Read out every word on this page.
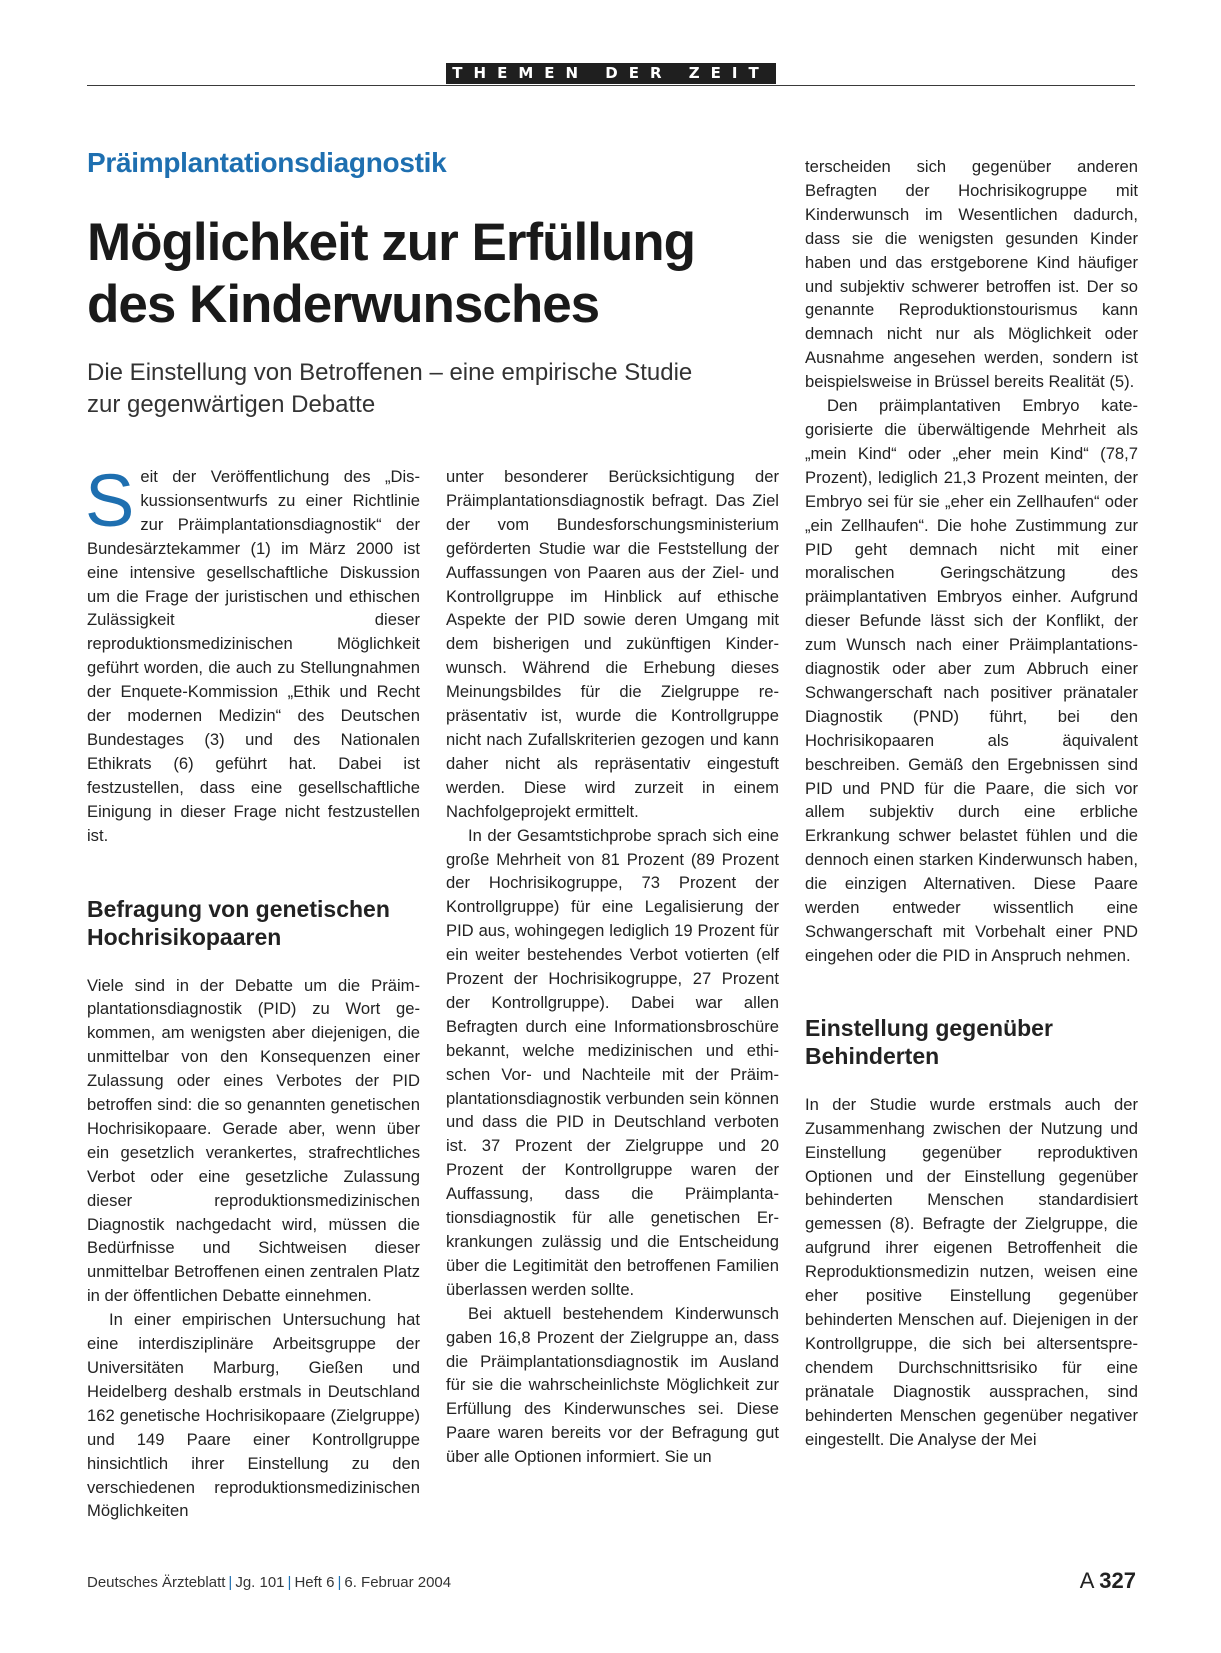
THEMEN DER ZEIT
Präimplantationsdiagnostik
Möglichkeit zur Erfüllung
des Kinderwunsches
Die Einstellung von Betroffenen – eine empirische Studie
zur gegenwärtigen Debatte

Seit der Veröffentlichung des „Diskussionsentwurfs zu einer Richtlinie zur Präimplantationsdiagnostik“ der Bundesärztekammer (1) im März 2000 ist eine intensive gesellschaftliche Diskussion um die Frage der juristischen und ethischen Zulässigkeit dieser reproduktionsmedizinischen Möglichkeit geführt worden, die auch zu Stellungnahmen der Enquete-Kommission „Ethik und Recht der modernen Medizin“ des Deutschen Bundestages (3) und des Nationalen Ethikrats (6) geführt hat. Dabei ist festzustellen, dass eine gesellschaftliche Einigung in dieser Frage nicht festzustellen ist.

Befragung von genetischen
Hochrisikopaaren

Viele sind in der Debatte um die Präimplantationsdiagnostik (PID) zu Wort gekommen, am wenigsten aber diejenigen, die unmittelbar von den Konsequenzen einer Zulassung oder eines Verbotes der PID betroffen sind: die so genannten genetischen Hochrisikopaare. Gerade aber, wenn über ein gesetzlich verankertes, strafrechtliches Verbot oder eine gesetzliche Zulassung dieser reproduktionsmedizinischen Diagnostik nachgedacht wird, müssen die Bedürfnisse und Sichtweisen dieser unmittelbar Betroffenen einen zentralen Platz in der öffentlichen Debatte einnehmen.

In einer empirischen Untersuchung hat eine interdisziplinäre Arbeitsgruppe der Universitäten Marburg, Gießen und Heidelberg deshalb erstmals in Deutschland 162 genetische Hochrisikopaare (Zielgruppe) und 149 Paare einer Kontrollgruppe hinsichtlich ihrer Einstellung zu den verschiedenen reproduktionsmedizinischen Möglichkeiten

unter besonderer Berücksichtigung der Präimplantationsdiagnostik befragt. Das Ziel der vom Bundesforschungsministerium geförderten Studie war die Feststellung der Auffassungen von Paaren aus der Ziel- und Kontrollgruppe im Hinblick auf ethische Aspekte der PID sowie deren Umgang mit dem bisherigen und zukünftigen Kinderwunsch. Während die Erhebung dieses Meinungsbildes für die Zielgruppe repräsentativ ist, wurde die Kontrollgruppe nicht nach Zufallskriterien gezogen und kann daher nicht als repräsentativ eingestuft werden. Diese wird zurzeit in einem Nachfolgeprojekt ermittelt.

In der Gesamtstichprobe sprach sich eine große Mehrheit von 81 Prozent (89 Prozent der Hochrisikogruppe, 73 Prozent der Kontrollgruppe) für eine Legalisierung der PID aus, wohingegen lediglich 19 Prozent für ein weiter bestehendes Verbot votierten (elf Prozent der Hochrisikogruppe, 27 Prozent der Kontrollgruppe). Dabei war allen Befragten durch eine Informationsbroschüre bekannt, welche medizinischen und ethischen Vor- und Nachteile mit der Präimplantationsdiagnostik verbunden sein können und dass die PID in Deutschland verboten ist. 37 Prozent der Zielgruppe und 20 Prozent der Kontrollgruppe waren der Auffassung, dass die Präimplantationsdiagnostik für alle genetischen Erkrankungen zulässig und die Entscheidung über die Legitimität den betroffenen Familien überlassen werden sollte.

Bei aktuell bestehendem Kinderwunsch gaben 16,8 Prozent der Zielgruppe an, dass die Präimplantationsdiagnostik im Ausland für sie die wahrscheinlichste Möglichkeit zur Erfüllung des Kinderwunsches sei. Diese Paare waren bereits vor der Befragung gut über alle Optionen informiert. Sie un

terscheiden sich gegenüber anderen Befragten der Hochrisikogruppe mit Kinderwunsch im Wesentlichen dadurch, dass sie die wenigsten gesunden Kinder haben und das erstgeborene Kind häufiger und subjektiv schwerer betroffen ist. Der so genannte Reproduktionstourismus kann demnach nicht nur als Möglichkeit oder Ausnahme angesehen werden, sondern ist beispielsweise in Brüssel bereits Realität (5).

Den präimplantativen Embryo kategorisierte die überwältigende Mehrheit als „mein Kind“ oder „eher mein Kind“ (78,7 Prozent), lediglich 21,3 Prozent meinten, der Embryo sei für sie „eher ein Zellhaufen“ oder „ein Zellhaufen“. Die hohe Zustimmung zur PID geht demnach nicht mit einer moralischen Geringschätzung des präimplantativen Embryos einher. Aufgrund dieser Befunde lässt sich der Konflikt, der zum Wunsch nach einer Präimplantationsdiagnostik oder aber zum Abbruch einer Schwangerschaft nach positiver pränataler Diagnostik (PND) führt, bei den Hochrisikopaaren als äquivalent beschreiben. Gemäß den Ergebnissen sind PID und PND für die Paare, die sich vor allem subjektiv durch eine erbliche Erkrankung schwer belastet fühlen und die dennoch einen starken Kinderwunsch haben, die einzigen Alternativen. Diese Paare werden entweder wissentlich eine Schwangerschaft mit Vorbehalt einer PND eingehen oder die PID in Anspruch nehmen.

Einstellung gegenüber
Behinderten

In der Studie wurde erstmals auch der Zusammenhang zwischen der Nutzung und Einstellung gegenüber reproduktiven Optionen und der Einstellung gegenüber behinderten Menschen standardisiert gemessen (8). Befragte der Zielgruppe, die aufgrund ihrer eigenen Betroffenheit die Reproduktionsmedizin nutzen, weisen eine eher positive Einstellung gegenüber behinderten Menschen auf. Diejenigen in der Kontrollgruppe, die sich bei altersentsprechendem Durchschnittsrisiko für eine pränatale Diagnostik aussprachen, sind behinderten Menschen gegenüber negativer eingestellt. Die Analyse der Mei

Deutsches Ärzteblatt | Jg. 101 | Heft 6 | 6. Februar 2004	A 327
